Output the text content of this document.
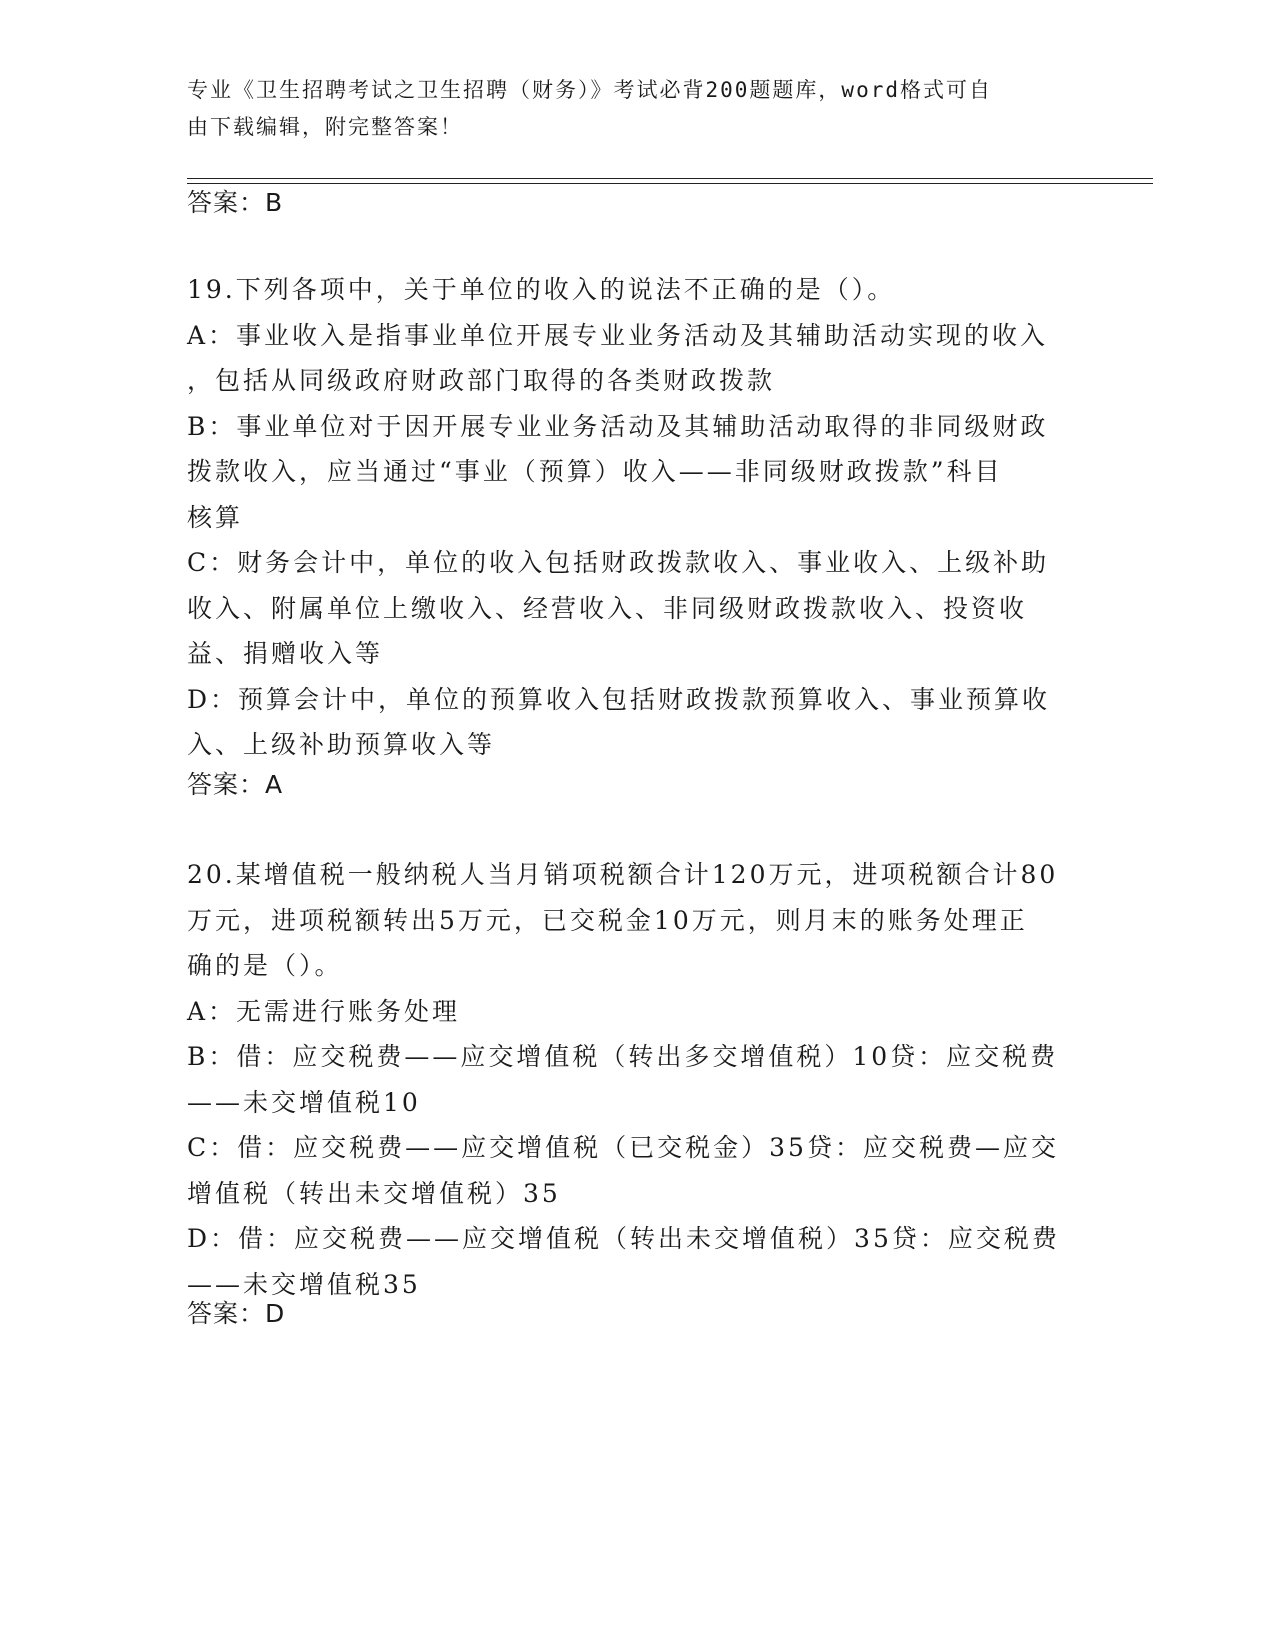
专业《卫生招聘考试之卫生招聘（财务）》考试必背200题题库，word格式可自
由下载编辑，附完整答案！
答案：B

19.下列各项中，关于单位的收入的说法不正确的是（）。

A：事业收入是指事业单位开展专业业务活动及其辅助活动实现的收入
，包括从同级政府财政部门取得的各类财政拨款

B：事业单位对于因开展专业业务活动及其辅助活动取得的非同级财政
拨款收入，应当通过“事业（预算）收入——非同级财政拨款”科目
核算

C：财务会计中，单位的收入包括财政拨款收入、事业收入、上级补助
收入、附属单位上缴收入、经营收入、非同级财政拨款收入、投资收
益、捐赠收入等

D：预算会计中，单位的预算收入包括财政拨款预算收入、事业预算收
入、上级补助预算收入等

答案：A

20.某增值税一般纳税人当月销项税额合计120万元，进项税额合计80
万元，进项税额转出5万元，已交税金10万元，则月末的账务处理正
确的是（）。

A：无需进行账务处理

B：借：应交税费——应交增值税（转出多交增值税）10贷：应交税费
——未交增值税10

C：借：应交税费——应交增值税（已交税金）35贷：应交税费—应交
增值税（转出未交增值税）35

D：借：应交税费——应交增值税（转出未交增值税）35贷：应交税费
——未交增值税35

答案：D
